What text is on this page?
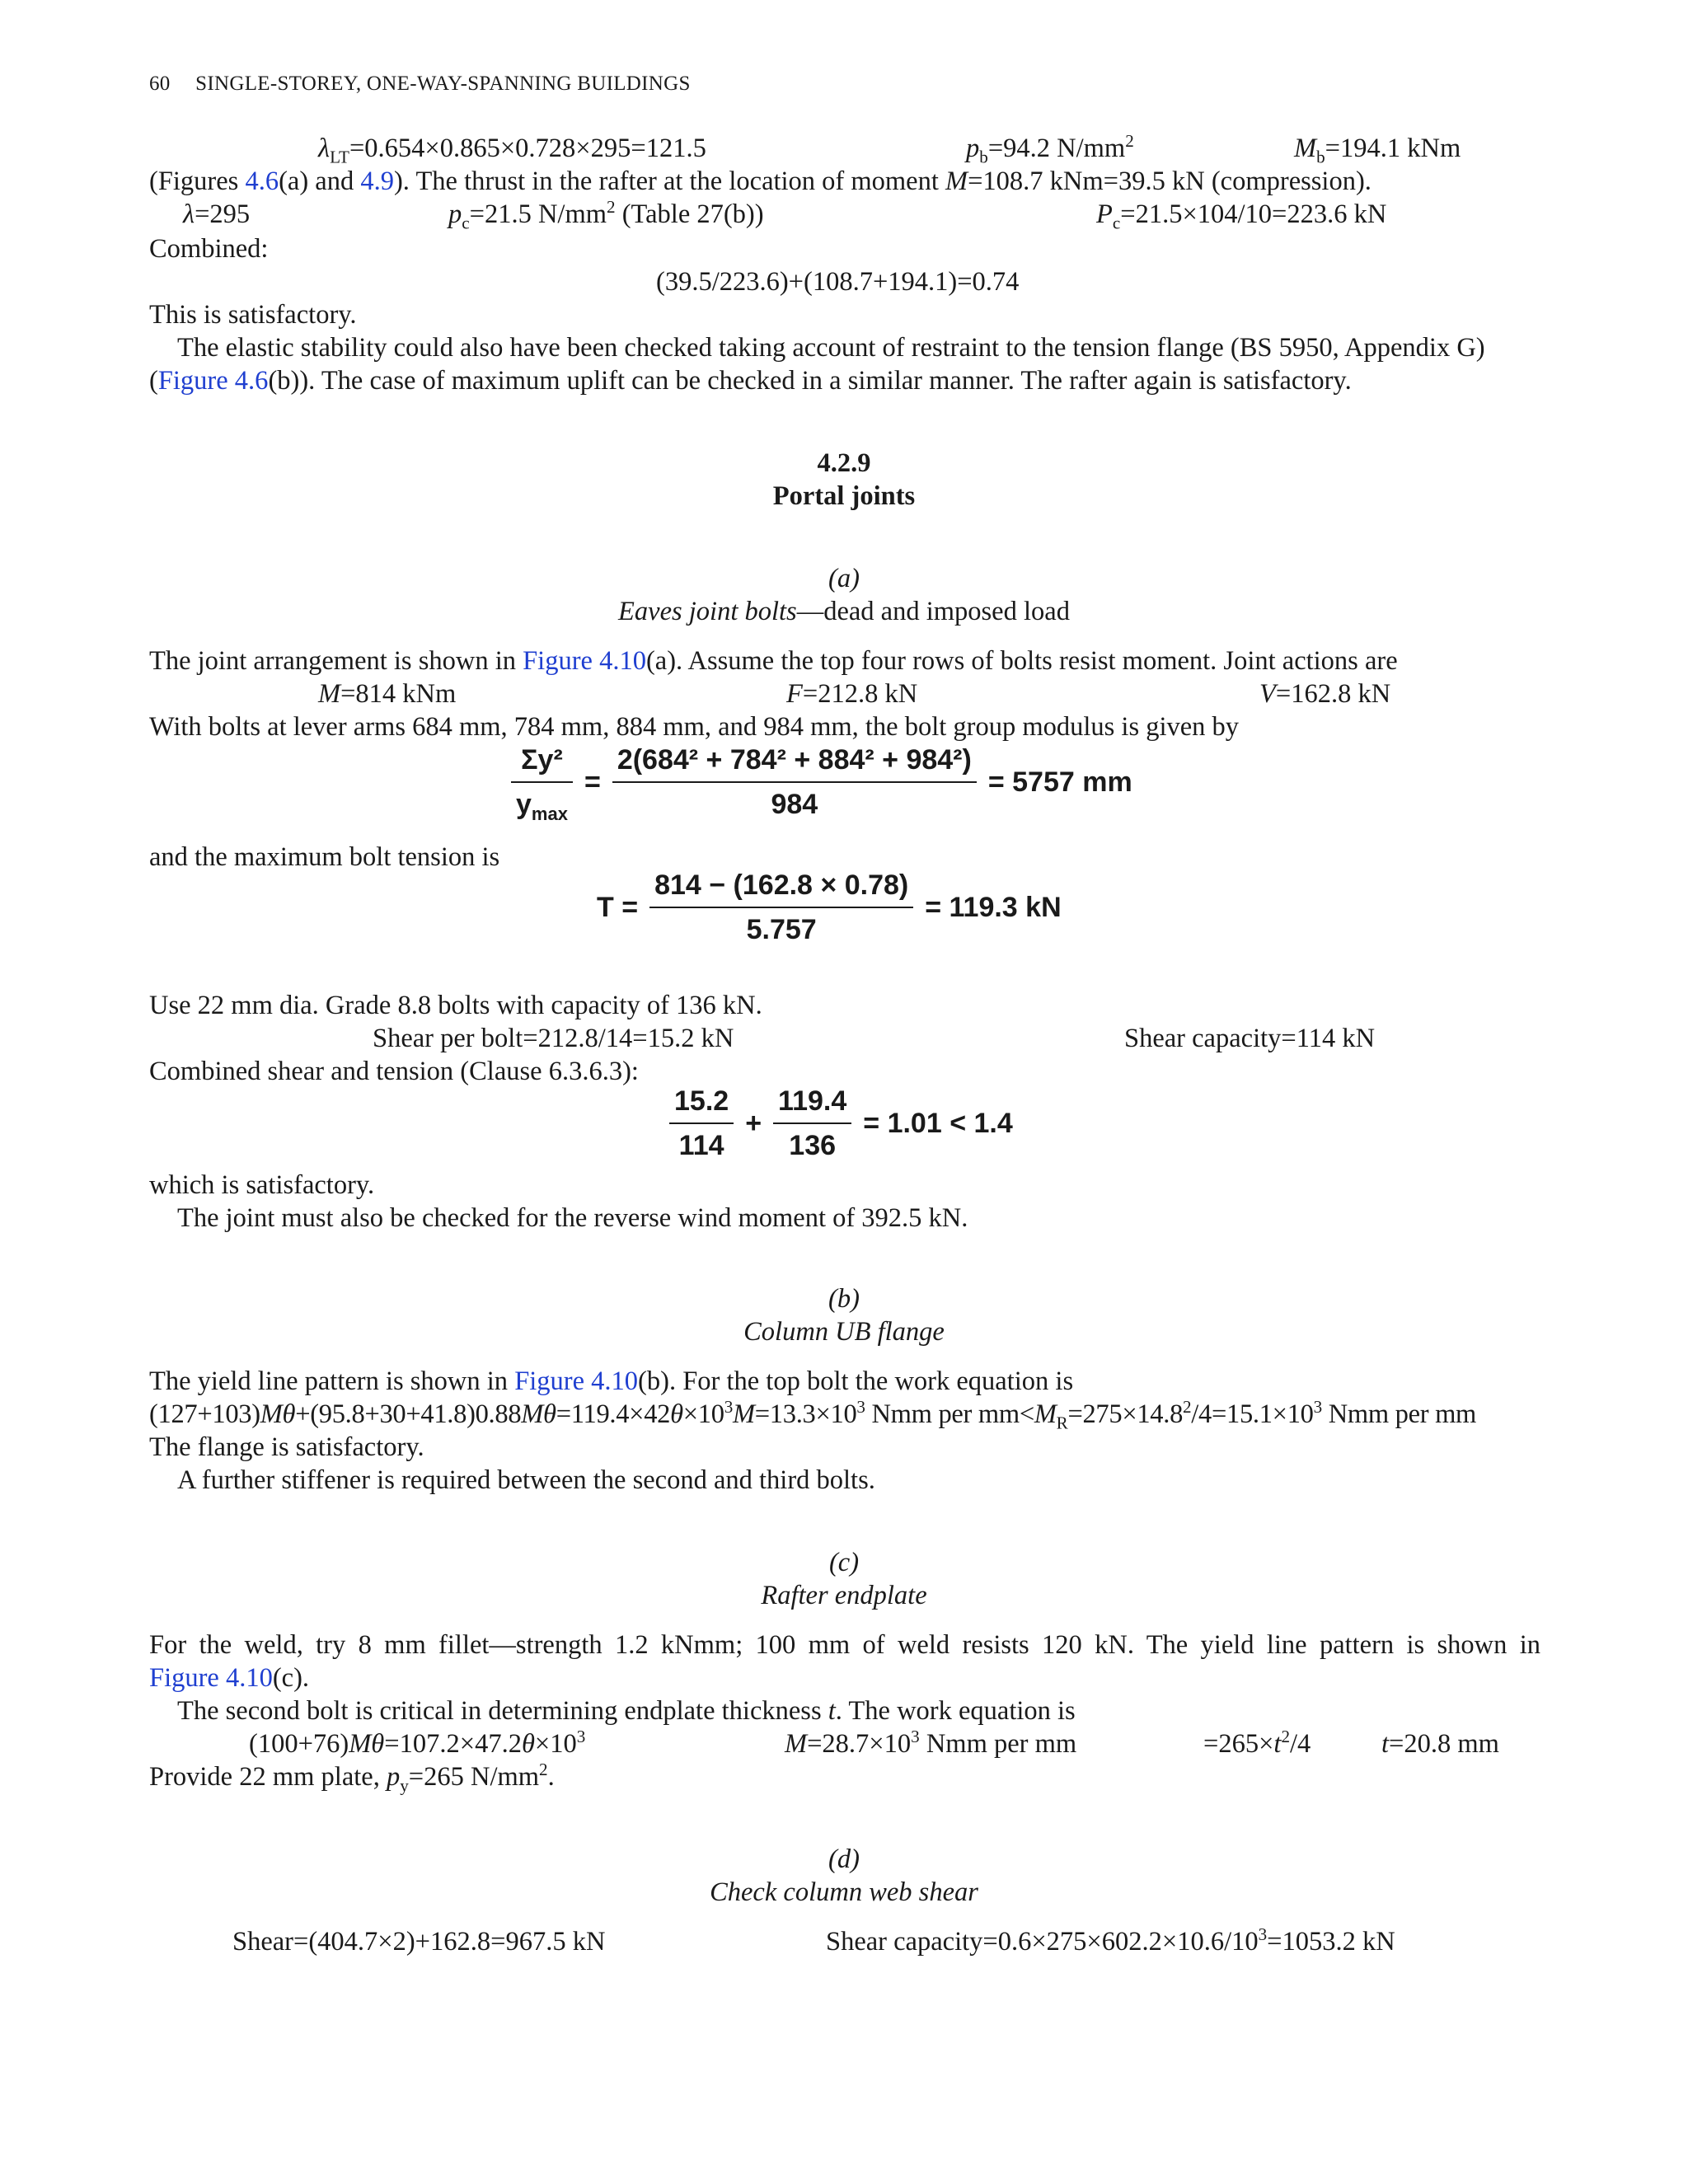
60 SINGLE-STOREY, ONE-WAY-SPANNING BUILDINGS
$\lambda_{LT}=0.654\times 0.865\times 0.728\times 295=121.5$	$p_b=94.2$ $N/mm^2$	$M_b=194.1$ kNm
(Figures 4.6(a) and 4.9). The thrust in the rafter at the location of moment M=108.7 kNm=39.5 kN (compression).
λ=295	$p_c=21.5$ $N/mm^2$ (Table 27(b))	$P_c=21.5\times 104/10=223.6$ kN
Combined:
(39.5/223.6)+(108.7+194.1)=0.74
This is satisfactory.
The elastic stability could also have been checked taking account of restraint to the tension flange (BS 5950, Appendix G)
(Figure 4.6(b)). The case of maximum uplift can be checked in a similar manner. The rafter again is satisfactory.
4.2.9
Portal joints
(a)
Eaves joint bolts—dead and imposed load
The joint arrangement is shown in Figure 4.10(a). Assume the top four rows of bolts resist moment. Joint actions are
M=814 kNm	F=212.8 kN	V=162.8 kN
With bolts at lever arms 684 mm, 784 mm, 884 mm, and 984 mm, the bolt group modulus is given by
$\frac{\text{Σy²}}{y_{max}} = \frac{\text{2(684² + 784² + 884² + 984²)}}{984} = 5757$ mm
and the maximum bolt tension is
$T = \frac{814 - (162.8 \times 0.78)}{5.757} = 119.3$ kN
Use 22 mm dia. Grade 8.8 bolts with capacity of 136 kN.
Shear per bolt=212.8/14=15.2 kN	Shear capacity=114 kN
Combined shear and tension (Clause 6.3.6.3):
$\frac{15.2}{114} + \frac{119.4}{136} = 1.01 < 1.4$
which is satisfactory.
The joint must also be checked for the reverse wind moment of 392.5 kN.
(b)
Column UB flange
The yield line pattern is shown in Figure 4.10(b). For the top bolt the work equation is
$(127+103)M\theta+(95.8+30+41.8)0.88M\theta=119.4\times 42\theta\times 10^3M=13.3\times 10^3$ Nmm per $mm<M_R=275\times 14.8^2/4=15.1\times 10^3$ Nmm per mm
The flange is satisfactory.
A further stiffener is required between the second and third bolts.
(c)
Rafter endplate
For the weld, try 8 mm fillet—strength 1.2 kNmm; 100 mm of weld resists 120 kN. The yield line pattern is shown in
Figure 4.10(c).
The second bolt is critical in determining endplate thickness t. The work equation is
$(100+76)M\theta=107.2\times 47.2\theta\times 10^3$	$M=28.7\times 10^3$ Nmm per mm	$=265\times t^2/4$	t=20.8 mm
Provide 22 mm plate, $p_y=265$ $N/mm^2$.
(d)
Check column web shear
Shear=(404.7×2)+162.8=967.5 kN	Shear $capacity=0.6\times 275\times 602.2\times 10.6/10^3=1053.2$ kN
